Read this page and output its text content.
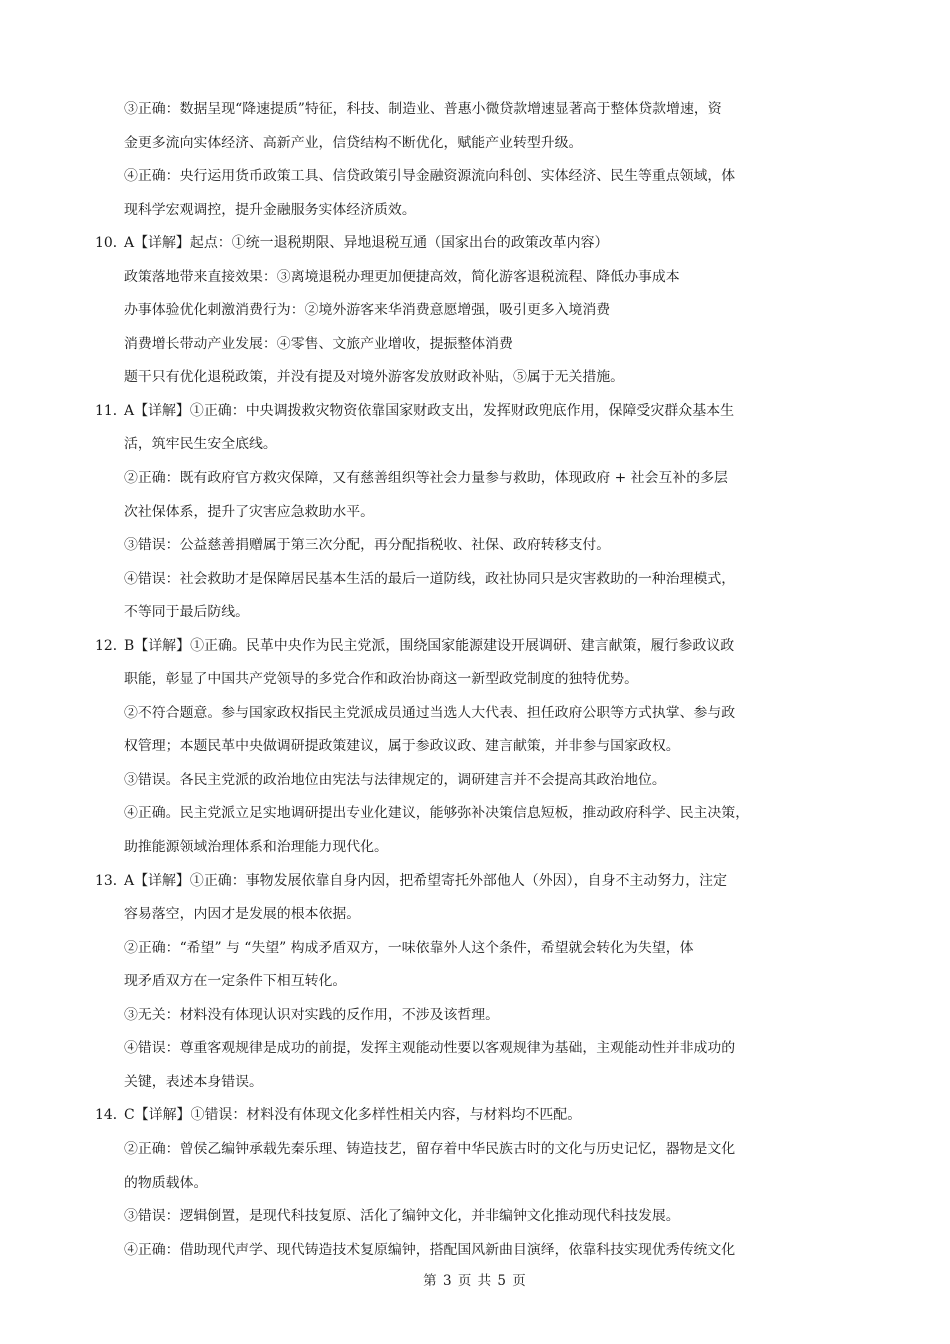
③正确：数据呈现“降速提质”特征，科技、制造业、普惠小微贷款增速显著高于整体贷款增速，资
金更多流向实体经济、高新产业，信贷结构不断优化，赋能产业转型升级。
④正确：央行运用货币政策工具、信贷政策引导金融资源流向科创、实体经济、民生等重点领域，体
现科学宏观调控，提升金融服务实体经济质效。
10．A【详解】起点：①统一退税期限、异地退税互通（国家出台的政策改革内容）
政策落地带来直接效果：③离境退税办理更加便捷高效，简化游客退税流程、降低办事成本
办事体验优化刺激消费行为：②境外游客来华消费意愿增强，吸引更多入境消费
消费增长带动产业发展：④零售、文旅产业增收，提振整体消费
题干只有优化退税政策，并没有提及对境外游客发放财政补贴，⑤属于无关措施。
11．A【详解】①正确：中央调拨救灾物资依靠国家财政支出，发挥财政兜底作用，保障受灾群众基本生
活，筑牢民生安全底线。
②正确：既有政府官方救灾保障，又有慈善组织等社会力量参与救助，体现政府 + 社会互补的多层
次社保体系，提升了灾害应急救助水平。
③错误：公益慈善捐赠属于第三次分配，再分配指税收、社保、政府转移支付。
④错误：社会救助才是保障居民基本生活的最后一道防线，政社协同只是灾害救助的一种治理模式，
不等同于最后防线。
12．B【详解】①正确。民革中央作为民主党派，围绕国家能源建设开展调研、建言献策，履行参政议政
职能，彰显了中国共产党领导的多党合作和政治协商这一新型政党制度的独特优势。
②不符合题意。参与国家政权指民主党派成员通过当选人大代表、担任政府公职等方式执掌、参与政
权管理；本题民革中央做调研提政策建议，属于参政议政、建言献策，并非参与国家政权。
③错误。各民主党派的政治地位由宪法与法律规定的，调研建言并不会提高其政治地位。
④正确。民主党派立足实地调研提出专业化建议，能够弥补决策信息短板，推动政府科学、民主决策，
助推能源领域治理体系和治理能力现代化。
13．A【详解】①正确：事物发展依靠自身内因，把希望寄托外部他人（外因），自身不主动努力，注定
容易落空，内因才是发展的根本依据。
②正确：“希望” 与 “失望” 构成矛盾双方，一味依靠外人这个条件，希望就会转化为失望，体
现矛盾双方在一定条件下相互转化。
③无关：材料没有体现认识对实践的反作用，不涉及该哲理。
④错误：尊重客观规律是成功的前提，发挥主观能动性要以客观规律为基础，主观能动性并非成功的
关键，表述本身错误。
14．C【详解】①错误：材料没有体现文化多样性相关内容，与材料均不匹配。
②正确：曾侯乙编钟承载先秦乐理、铸造技艺，留存着中华民族古时的文化与历史记忆，器物是文化
的物质载体。
③错误：逻辑倒置，是现代科技复原、活化了编钟文化，并非编钟文化推动现代科技发展。
④正确：借助现代声学、现代铸造技术复原编钟，搭配国风新曲目演绎，依靠科技实现优秀传统文化
第 3 页 共 5 页
